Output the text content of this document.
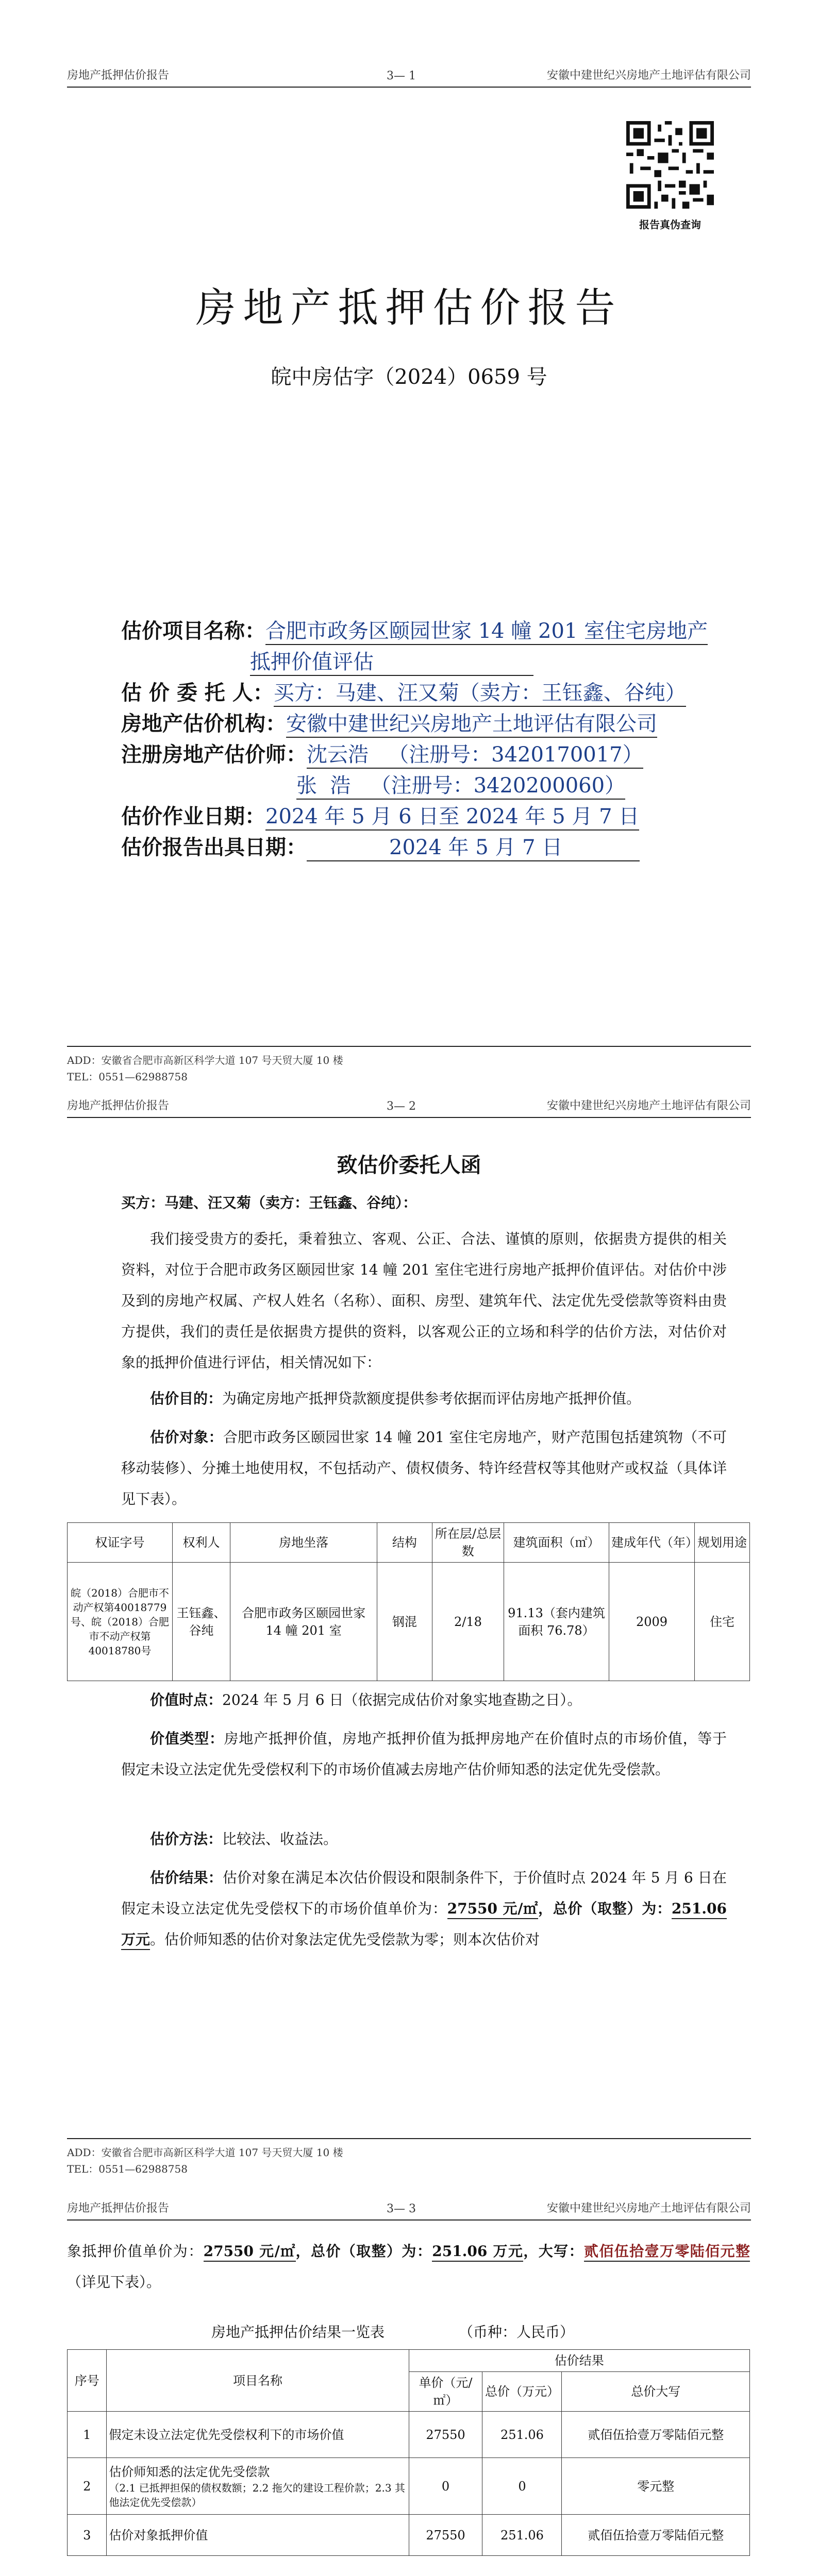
房地产抵押估价报告	3— 1	安徽中建世纪兴房地产土地评估有限公司
报告真伪查询
房地产抵押估价报告
皖中房估字（2024）0659 号
估价项目名称：合肥市政务区颐园世家 14 幢 201 室住宅房地产
抵押价值评估
估 价 委 托 人：买方：马建、汪又菊（卖方：王钰鑫、谷纯）
房地产估价机构：安徽中建世纪兴房地产土地评估有限公司
注册房地产估价师：沈云浩   （注册号：3420170017）
张  浩   （注册号：3420200060）
估价作业日期：2024 年 5 月 6 日至 2024 年 5 月 7 日
估价报告出具日期：	2024 年 5 月 7 日
ADD：安徽省合肥市高新区科学大道 107 号天贸大厦 10 楼
TEL：0551—62988758
房地产抵押估价报告	3— 2	安徽中建世纪兴房地产土地评估有限公司
致估价委托人函
买方：马建、汪又菊（卖方：王钰鑫、谷纯）：
我们接受贵方的委托，秉着独立、客观、公正、合法、谨慎的原则，依据贵方提供的相关资料，对位于合肥市政务区颐园世家 14 幢 201 室住宅进行房地产抵押价值评估。对估价中涉及到的房地产权属、产权人姓名（名称）、面积、房型、建筑年代、法定优先受偿款等资料由贵方提供，我们的责任是依据贵方提供的资料，以客观公正的立场和科学的估价方法，对估价对象的抵押价值进行评估，相关情况如下：
估价目的：为确定房地产抵押贷款额度提供参考依据而评估房地产抵押价值。
估价对象：合肥市政务区颐园世家 14 幢 201 室住宅房地产，财产范围包括建筑物（不可移动装修）、分摊土地使用权，不包括动产、债权债务、特许经营权等其他财产或权益（具体详见下表）。
权证字号	权利人	房地坐落	结构	所在层/总层数	建筑面积（㎡）	建成年代（年）	规划用途
皖（2018）合肥市不动产权第40018779号、皖（2018）合肥市不动产权第40018780号	王钰鑫、谷纯	合肥市政务区颐园世家 14 幢 201 室	钢混	2/18	91.13（套内建筑面积 76.78）	2009	住宅
价值时点：2024 年 5 月 6 日（依据完成估价对象实地查勘之日）。
价值类型：房地产抵押价值，房地产抵押价值为抵押房地产在价值时点的市场价值，等于假定未设立法定优先受偿权利下的市场价值减去房地产估价师知悉的法定优先受偿款。
估价方法：比较法、收益法。
估价结果：估价对象在满足本次估价假设和限制条件下，于价值时点 2024 年 5 月 6 日在假定未设立法定优先受偿权下的市场价值单价为：27550 元/㎡，总价（取整）为：251.06 万元。估价师知悉的估价对象法定优先受偿款为零；则本次估价对
ADD：安徽省合肥市高新区科学大道 107 号天贸大厦 10 楼
TEL：0551—62988758
房地产抵押估价报告	3— 3	安徽中建世纪兴房地产土地评估有限公司
象抵押价值单价为：27550 元/㎡，总价（取整）为：251.06 万元，大写：贰佰伍拾壹万零陆佰元整（详见下表）。
房地产抵押估价结果一览表	（币种：人民币）
序号	项目名称	估价结果		
		单价（元/㎡）	总价（万元）	总价大写
1	假定未设立法定优先受偿权利下的市场价值	27550	251.06	贰佰伍拾壹万零陆佰元整
2	估价师知悉的法定优先受偿款
（2.1 已抵押担保的债权数额；2.2 拖欠的建设工程价款；2.3 其他法定优先受偿款）	0	0	零元整
3	估价对象抵押价值	27550	251.06	贰佰伍拾壹万零陆佰元整
